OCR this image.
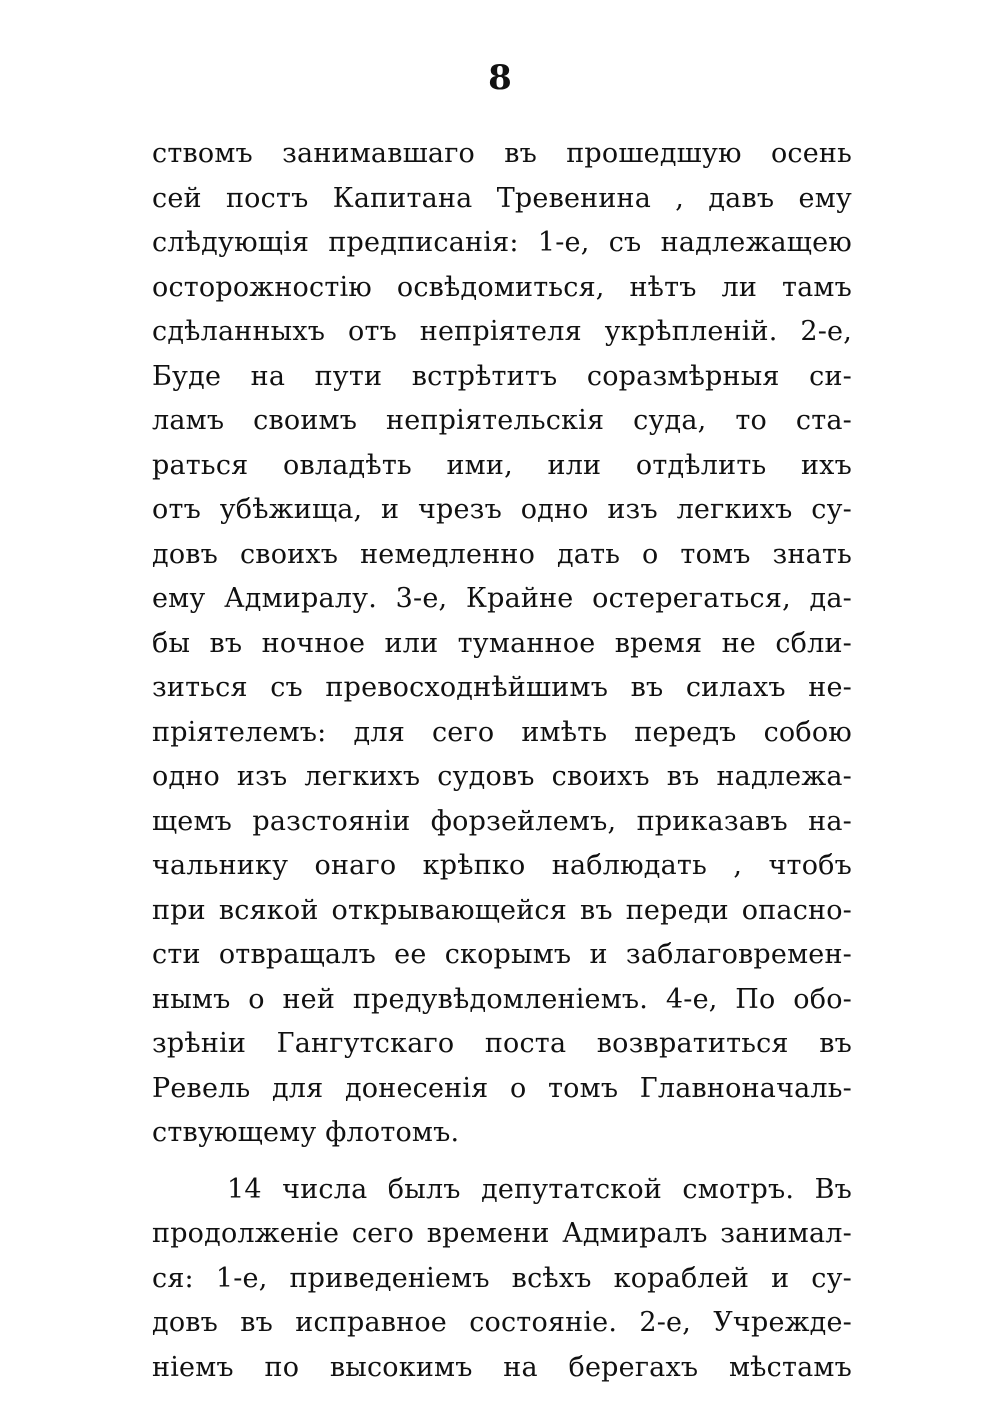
8
ствомъ занимавшаго въ прошедшую осень
сей постъ Капитана Тревенина , давъ ему
слѣдующія предписанія: 1-е, съ надлежащею
осторожностію освѣдомиться, нѣтъ ли тамъ
сдѣланныхъ отъ непріятеля укрѣпленій. 2-е,
Буде на пути встрѣтитъ соразмѣрныя си-
ламъ своимъ непріятельскія суда, то ста-
раться овладѣть ими, или отдѣлить ихъ
отъ убѣжища, и чрезъ одно изъ легкихъ су-
довъ своихъ немедленно дать о томъ знать
ему Адмиралу. 3-е, Крайне остерегаться, да-
бы въ ночное или туманное время не сбли-
зиться съ превосходнѣйшимъ въ силахъ не-
пріятелемъ: для сего имѣть передъ собою
одно изъ легкихъ судовъ своихъ въ надлежа-
щемъ разстояніи форзейлемъ, приказавъ на-
чальнику онаго крѣпко наблюдать , чтобъ
при всякой открывающейся въ переди опасно-
сти отвращалъ ее скорымъ и заблаговремен-
нымъ о ней предувѣдомленіемъ. 4-е, По обо-
зрѣніи Гангутскаго поста возвратиться въ
Ревель для донесенія о томъ Главноначаль-
ствующему флотомъ.
14 числа былъ депутатской смотръ. Въ
продолженіе сего времени Адмиралъ занимал-
ся: 1-е, приведеніемъ всѣхъ кораблей и су-
довъ въ исправное состояніе. 2-е, Учрежде-
ніемъ по высокимъ на берегахъ мѣстамъ
